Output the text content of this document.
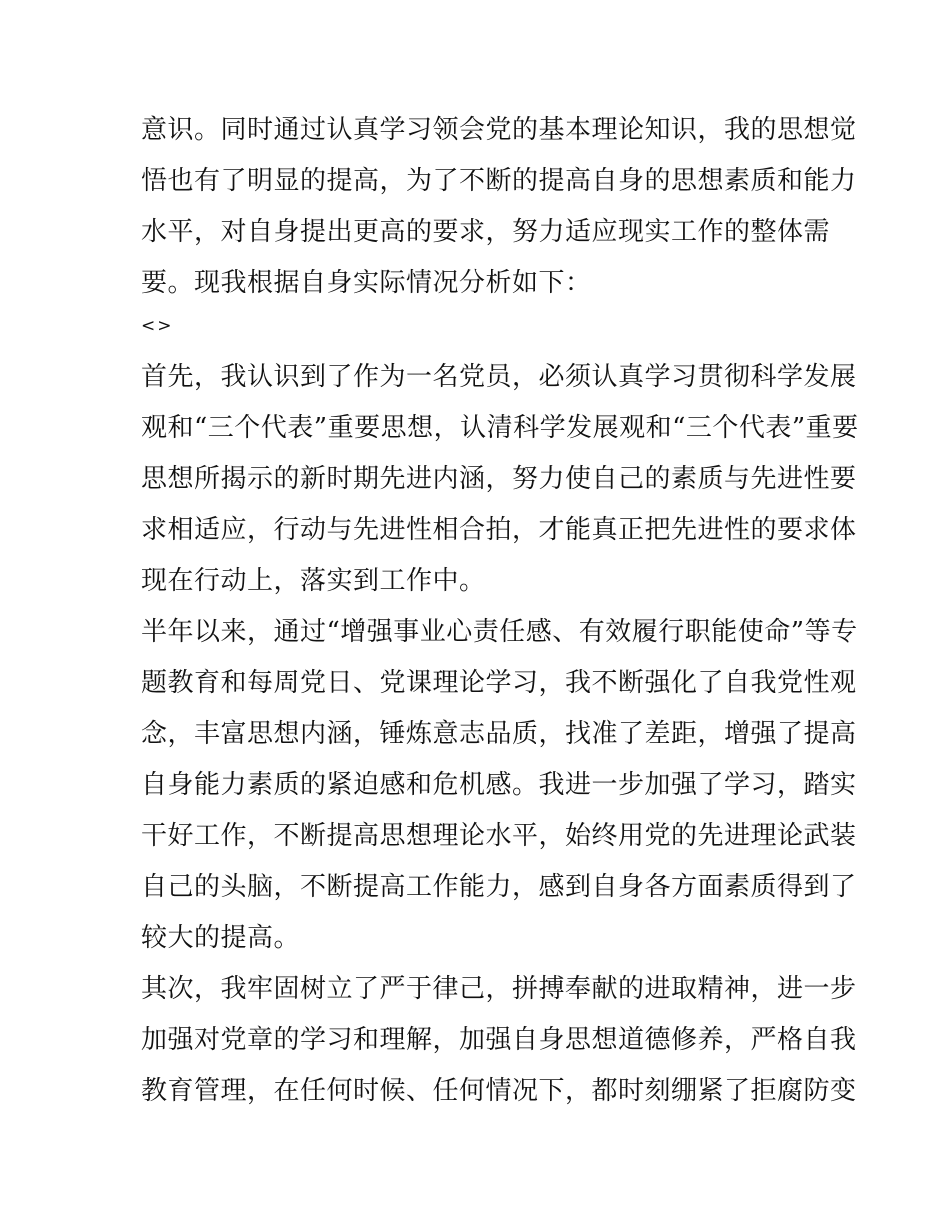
意识。同时通过认真学习领会党的基本理论知识，我的思想觉
悟也有了明显的提高，为了不断的提高自身的思想素质和能力
水平，对自身提出更高的要求，努力适应现实工作的整体需
要。现我根据自身实际情况分析如下：
<>
首先，我认识到了作为一名党员，必须认真学习贯彻科学发展
观和“三个代表”重要思想，认清科学发展观和“三个代表”重要
思想所揭示的新时期先进内涵，努力使自己的素质与先进性要
求相适应，行动与先进性相合拍，才能真正把先进性的要求体
现在行动上，落实到工作中。
半年以来，通过“增强事业心责任感、有效履行职能使命”等专
题教育和每周党日、党课理论学习，我不断强化了自我党性观
念，丰富思想内涵，锤炼意志品质，找准了差距，增强了提高
自身能力素质的紧迫感和危机感。我进一步加强了学习，踏实
干好工作，不断提高思想理论水平，始终用党的先进理论武装
自己的头脑，不断提高工作能力，感到自身各方面素质得到了
较大的提高。
其次，我牢固树立了严于律己，拼搏奉献的进取精神，进一步
加强对党章的学习和理解，加强自身思想道德修养，严格自我
教育管理，在任何时候、任何情况下，都时刻绷紧了拒腐防变
